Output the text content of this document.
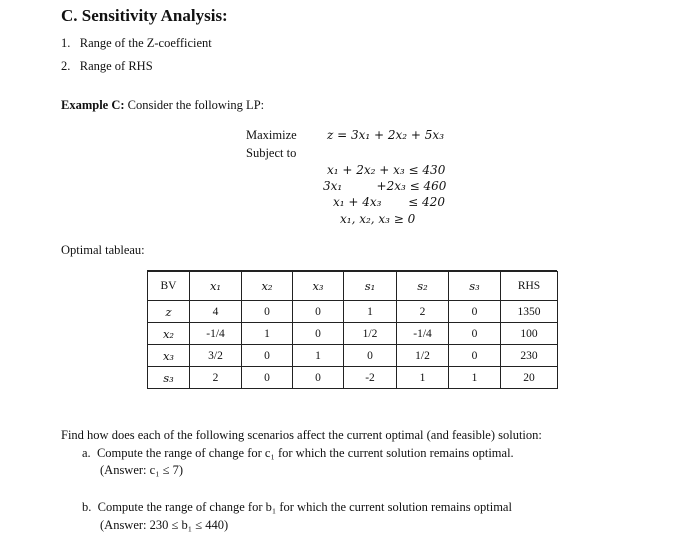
C. Sensitivity Analysis:
1. Range of the Z-coefficient
2. Range of RHS
Example C: Consider the following LP:
Maximize
Subject to
z = 3x₁ + 2x₂ + 5x₃
x₁ + 2x₂ + x₃ ≤ 430
3x₁         +2x₃ ≤ 460
x₁ + 4x₃       ≤ 420
x₁, x₂, x₃ ≥ 0
Optimal tableau:
BV	x₁	x₂	x₃	s₁	s₂	s₃	RHS
z	4	0	0	1	2	0	1350
x₂	-1/4	1	0	1/2	-1/4	0	100
x₃	3/2	0	1	0	1/2	0	230
s₃	2	0	0	-2	1	1	20
Find how does each of the following scenarios affect the current optimal (and feasible) solution:
a. Compute the range of change for c₁ for which the current solution remains optimal.
(Answer: c₁ ≤ 7)
b. Compute the range of change for b₁ for which the current solution remains optimal
(Answer: 230 ≤ b₁ ≤ 440)
